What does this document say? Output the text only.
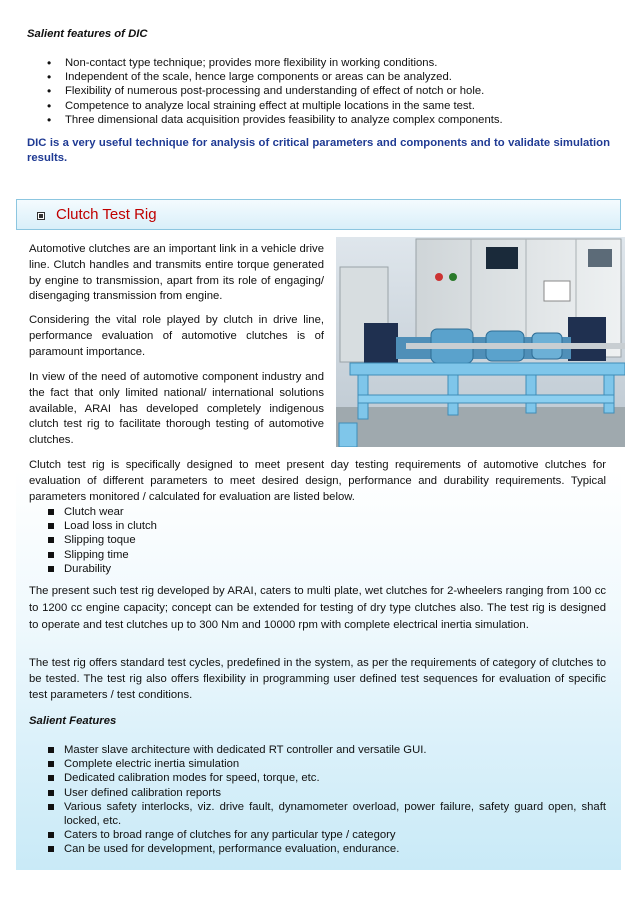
Salient features of DIC
• Non-contact type technique; provides more flexibility in working conditions.
• Independent of the scale, hence large components or areas can be analyzed.
• Flexibility of numerous post-processing and understanding of effect of notch or hole.
• Competence to analyze local straining effect at multiple locations in the same test.
• Three dimensional data acquisition provides feasibility to analyze complex components.
DIC is a very useful technique for analysis of critical parameters and components and to validate simulation results.
Clutch Test Rig
Automotive clutches are an important link in a vehicle drive line. Clutch handles and transmits entire torque generated by engine to transmission, apart from its role of engaging/ disengaging transmission from engine.
Considering the vital role played by clutch in drive line, performance evaluation of automotive clutches is of paramount importance.
In view of the need of automotive component industry and the fact that only limited national/ international solutions available, ARAI has developed completely indigenous clutch test rig to facilitate thorough testing of automotive clutches.
Clutch test rig is specifically designed to meet present day testing requirements of automotive clutches for evaluation of different parameters to meet desired design, performance and durability requirements. Typical parameters monitored / calculated for evaluation are listed below.
Clutch wear
Load loss in clutch
Slipping toque
Slipping time
Durability
The present such test rig developed by ARAI, caters to multi plate, wet clutches for 2-wheelers ranging from 100 cc to 1200 cc engine capacity; concept can be extended for testing of dry type clutches also. The test rig is designed to operate and test clutches up to 300 Nm and 10000 rpm with complete electrical inertia simulation.
The test rig offers standard test cycles, predefined in the system, as per the requirements of category of clutches to be tested. The test rig also offers flexibility in programming user defined test sequences for evaluation of specific test parameters / test conditions.
Salient Features
Master slave architecture with dedicated RT controller and versatile GUI.
Complete electric inertia simulation
Dedicated calibration modes for speed, torque, etc.
User defined calibration reports
Various safety interlocks, viz. drive fault, dynamometer overload, power failure, safety guard open, shaft locked, etc.
Caters to broad range of clutches for any particular type / category
Can be used for development, performance evaluation, endurance.
